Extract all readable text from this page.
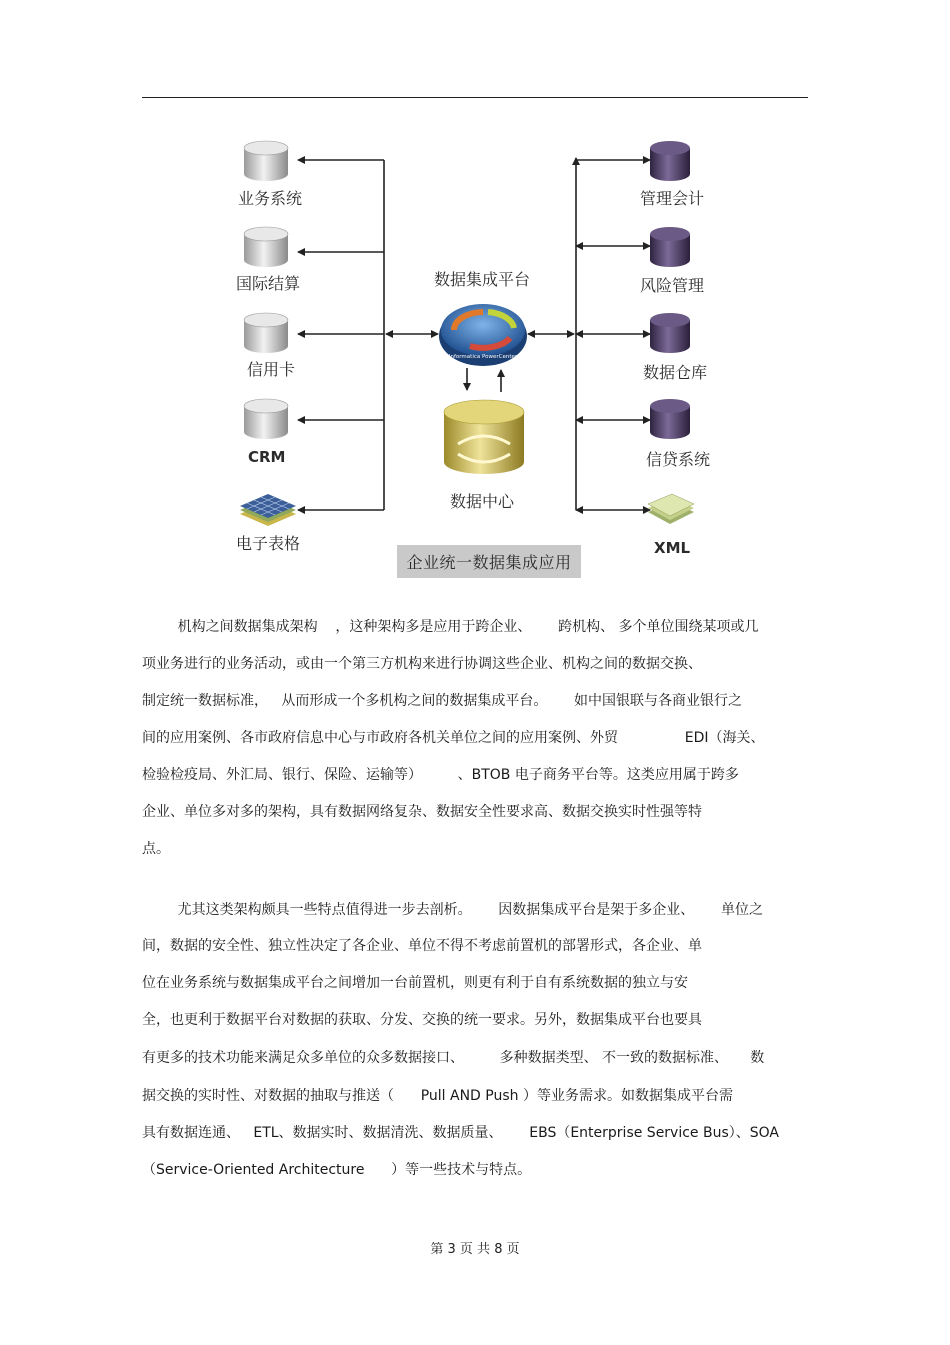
Informatica PowerCenter
业务系统
国际结算
信用卡
CRM
电子表格
管理会计
风险管理
数据仓库
信贷系统
XML
数据集成平台
数据中心
企业统一数据集成应用
机构之间数据集成架构    ，这种架构多是应用于跨企业、      跨机构、 多个单位围绕某项或几
项业务进行的业务活动，或由一个第三方机构来进行协调这些企业、机构之间的数据交换、
制定统一数据标准，   从而形成一个多机构之间的数据集成平台。      如中国银联与各商业银行之
间的应用案例、各市政府信息中心与市政府各机关单位之间的应用案例、外贸               EDI（海关、
检验检疫局、外汇局、银行、保险、运输等）        、BTOB 电子商务平台等。这类应用属于跨多
企业、单位多对多的架构，具有数据网络复杂、数据安全性要求高、数据交换实时性强等特
点。
尤其这类架构颇具一些特点值得进一步去剖析。      因数据集成平台是架于多企业、      单位之
间，数据的安全性、独立性决定了各企业、单位不得不考虑前置机的部署形式，各企业、单
位在业务系统与数据集成平台之间增加一台前置机，则更有利于自有系统数据的独立与安
全，也更利于数据平台对数据的获取、分发、交换的统一要求。另外，数据集成平台也要具
有更多的技术功能来满足众多单位的众多数据接口、        多种数据类型、 不一致的数据标准、     数
据交换的实时性、对数据的抽取与推送（      Pull AND Push ）等业务需求。如数据集成平台需
具有数据连通、   ETL、数据实时、数据清洗、数据质量、      EBS（Enterprise Service Bus）、SOA
（Service-Oriented Architecture      ）等一些技术与特点。
第 3 页 共 8 页
